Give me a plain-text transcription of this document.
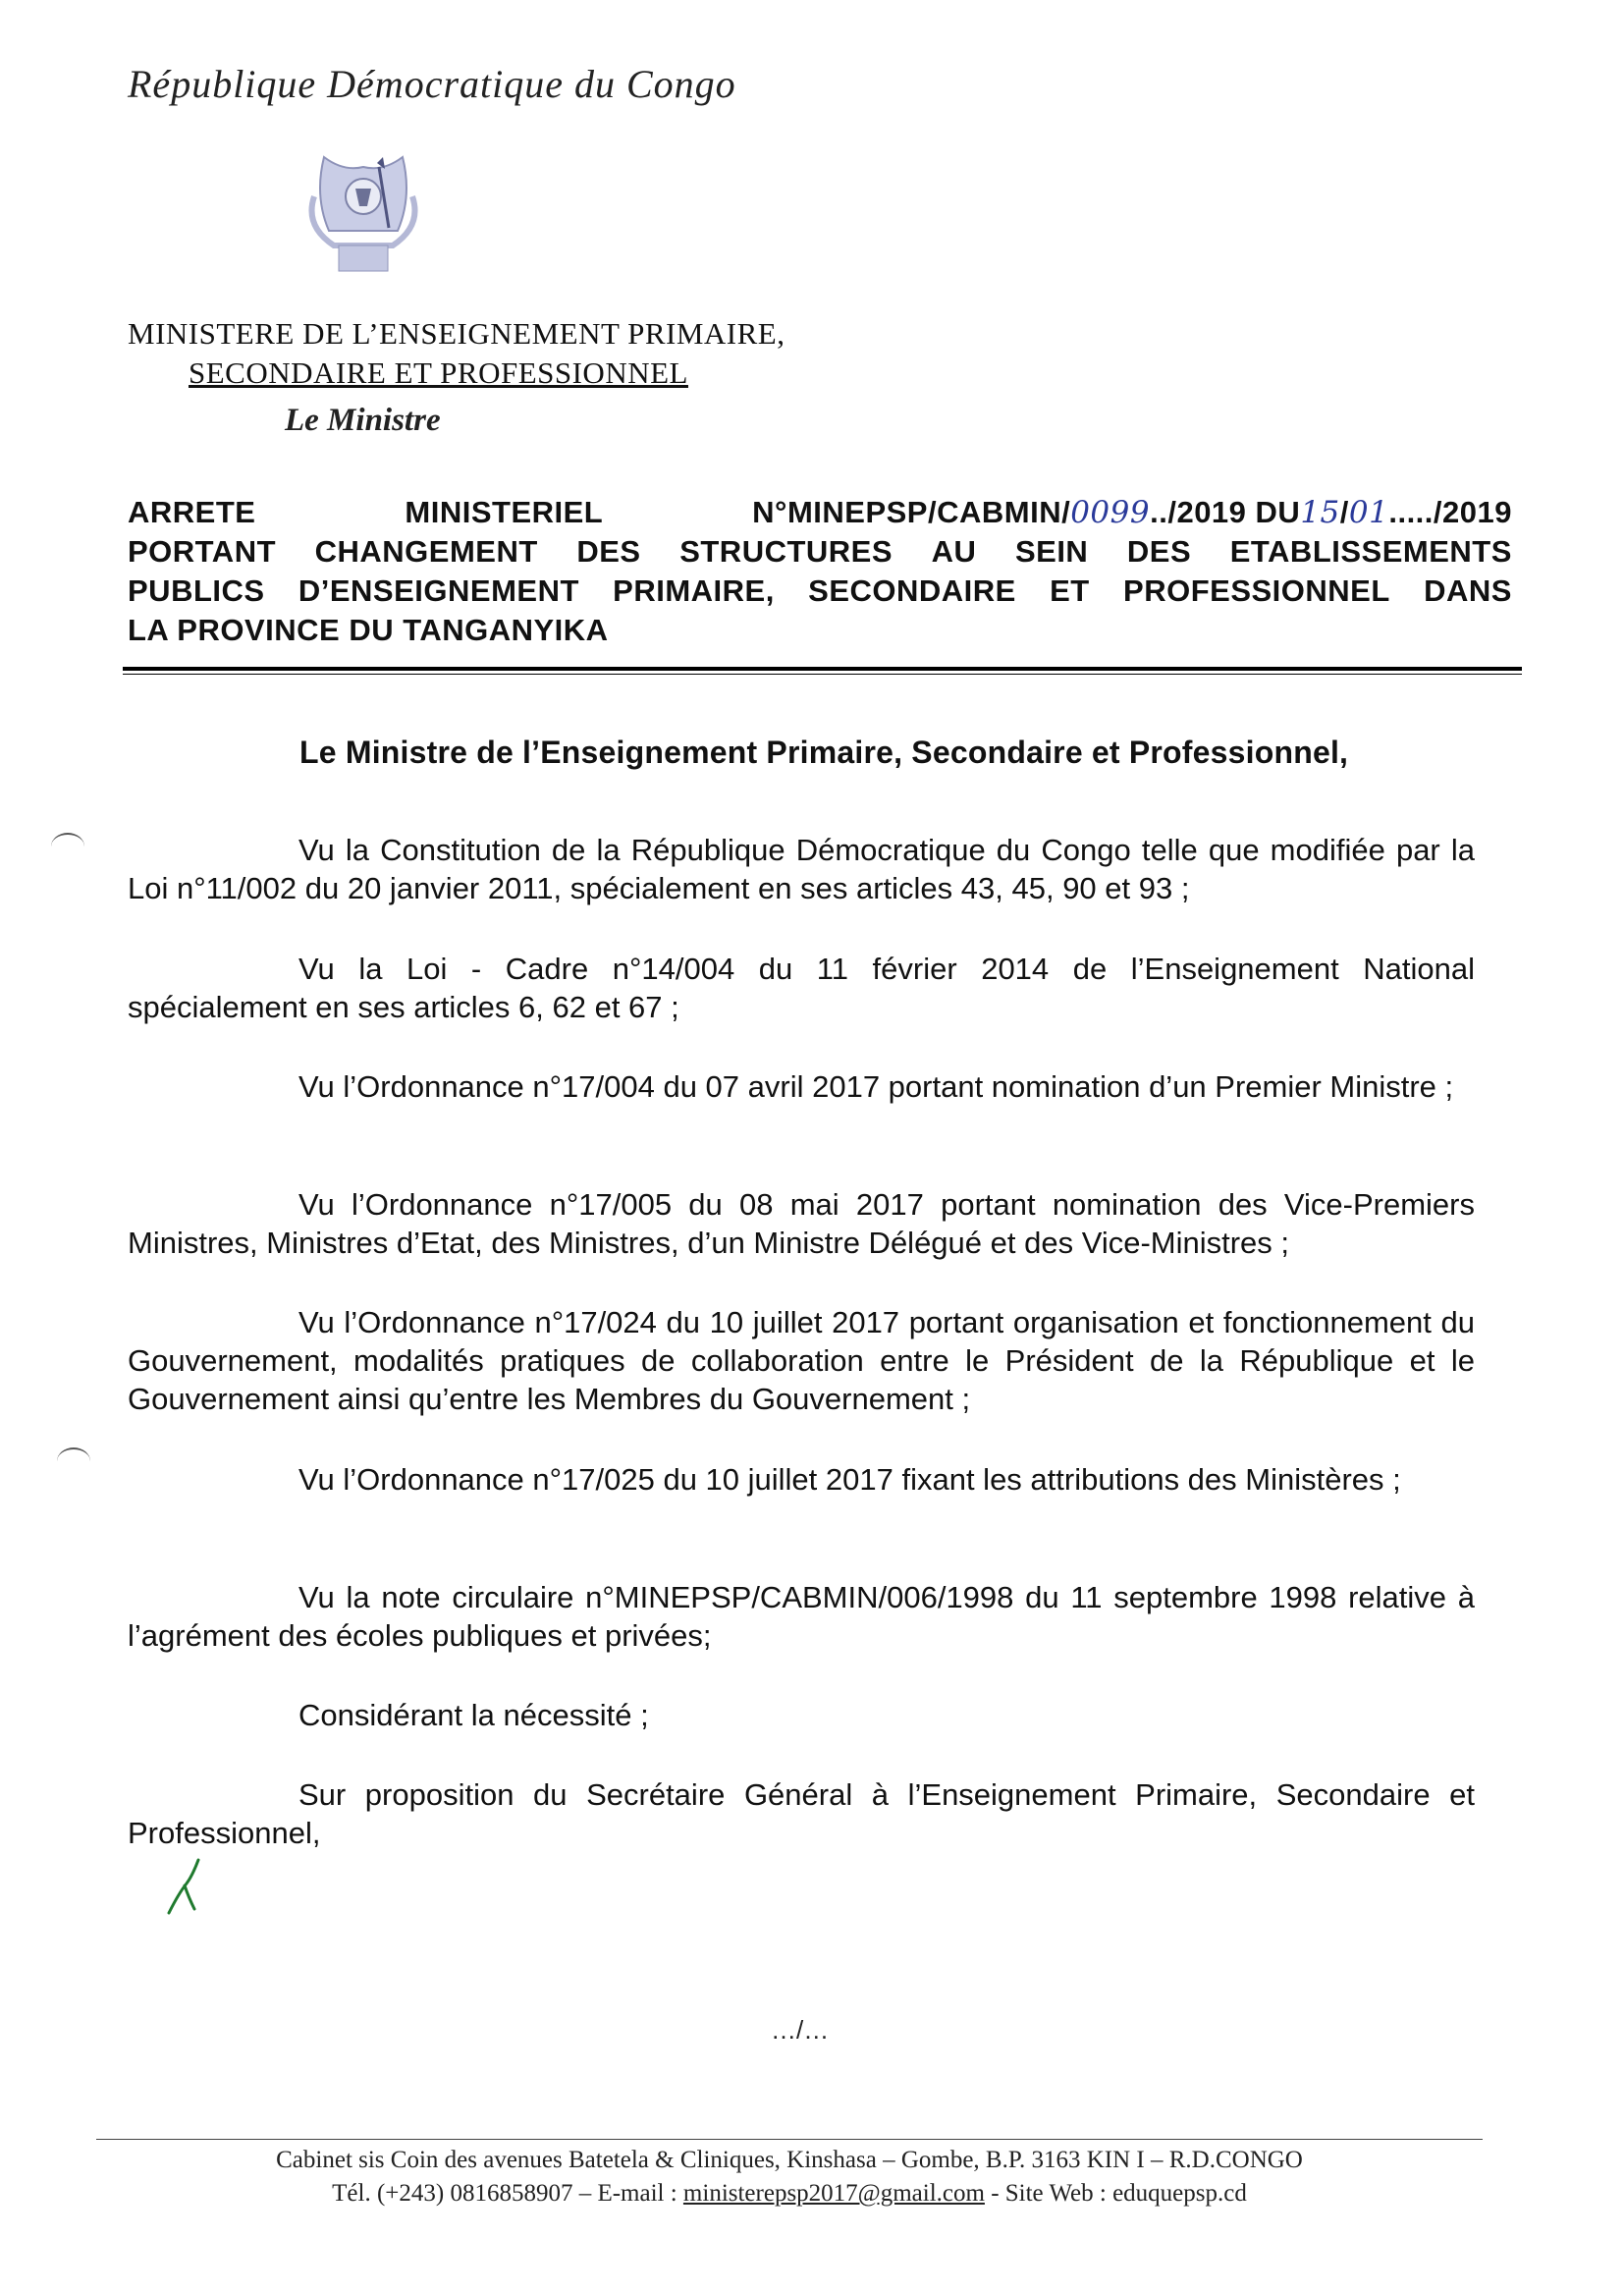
République Démocratique du Congo
MINISTERE DE L’ENSEIGNEMENT PRIMAIRE,
SECONDAIRE ET PROFESSIONNEL
Le Ministre
ARRETE	MINISTERIEL	N°MINEPSP/CABMIN/0099../2019 DU15/01...../2019
PORTANT CHANGEMENT DES STRUCTURES AU SEIN DES ETABLISSEMENTS
PUBLICS D’ENSEIGNEMENT PRIMAIRE, SECONDAIRE ET PROFESSIONNEL DANS
LA PROVINCE DU TANGANYIKA
Le Ministre de l’Enseignement Primaire, Secondaire et Professionnel,

Vu la Constitution de la République Démocratique du Congo telle que modifiée par la Loi n°11/002 du 20 janvier 2011, spécialement en ses articles 43, 45, 90 et 93 ;

Vu la Loi - Cadre n°14/004 du 11 février 2014 de l’Enseignement National spécialement en ses articles 6, 62 et 67 ;

Vu l’Ordonnance n°17/004 du 07 avril 2017 portant nomination d’un Premier Ministre ;

Vu l’Ordonnance n°17/005 du 08 mai 2017 portant nomination des Vice-Premiers Ministres, Ministres d’Etat, des Ministres, d’un Ministre Délégué et des Vice-Ministres ;

Vu l’Ordonnance n°17/024 du 10 juillet 2017 portant organisation et fonctionnement du Gouvernement, modalités pratiques de collaboration entre le Président de la République et le Gouvernement ainsi qu’entre les Membres du Gouvernement ;

Vu l’Ordonnance n°17/025 du 10 juillet 2017 fixant les attributions des Ministères ;

Vu la note circulaire n°MINEPSP/CABMIN/006/1998 du 11 septembre 1998 relative à l’agrément des écoles publiques et privées;

Considérant la nécessité ;

Sur proposition du Secrétaire Général à l’Enseignement Primaire, Secondaire et Professionnel,

…/…
Cabinet sis Coin des avenues Batetela & Cliniques, Kinshasa – Gombe, B.P. 3163 KIN I – R.D.CONGO
Tél. (+243) 0816858907 – E-mail : ministerepsp2017@gmail.com - Site Web : eduquepsp.cd
